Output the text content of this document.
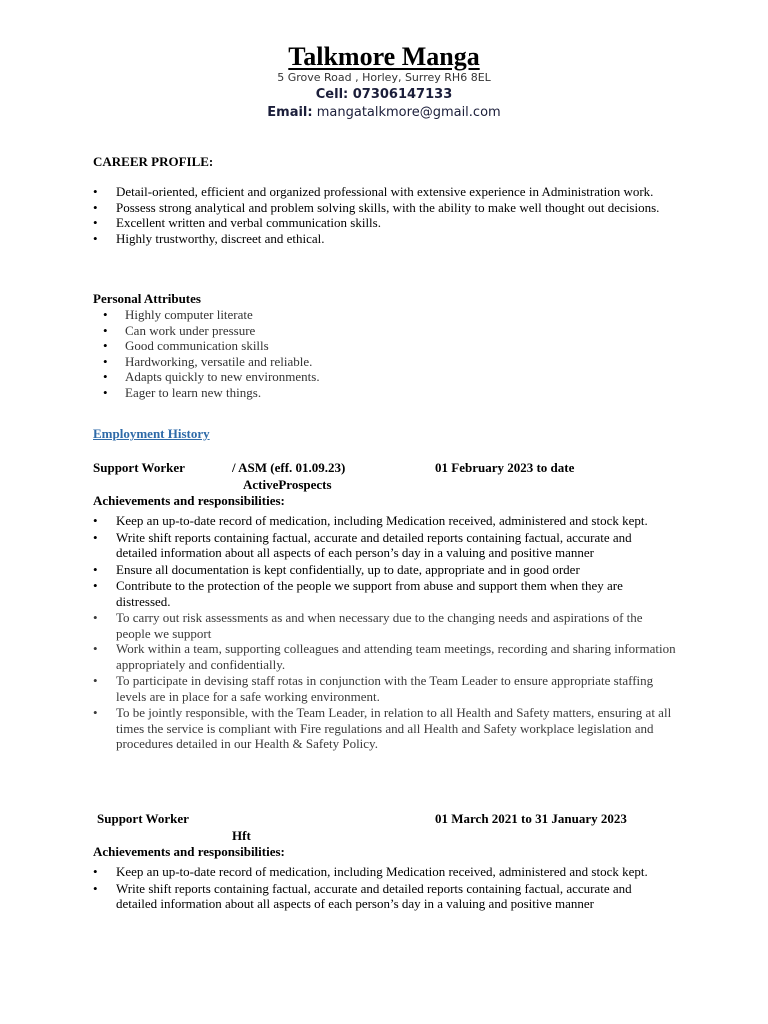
Talkmore Manga
5 Grove Road , Horley, Surrey RH6 8EL
Cell: 07306147133
Email: mangatalkmore@gmail.com
CAREER PROFILE:
• Detail-oriented, efficient and organized professional with extensive experience in Administration work.
• Possess strong analytical and problem solving skills, with the ability to make well thought out decisions.
• Excellent written and verbal communication skills.
• Highly trustworthy, discreet and ethical.
Personal Attributes
• Highly computer literate
• Can work under pressure
• Good communication skills
• Hardworking, versatile and reliable.
• Adapts quickly to new environments.
• Eager to learn new things.
Employment History
Support Worker	/ ASM (eff. 01.09.23)	01 February 2023 to date
ActiveProspects
Achievements and responsibilities:
• Keep an up-to-date record of medication, including Medication received, administered and stock kept.
• Write shift reports containing factual, accurate and detailed reports containing factual, accurate and detailed information about all aspects of each person’s day in a valuing and positive manner
• Ensure all documentation is kept confidentially, up to date, appropriate and in good order
• Contribute to the protection of the people we support from abuse and support them when they are distressed.
• To carry out risk assessments as and when necessary due to the changing needs and aspirations of the people we support
• Work within a team, supporting colleagues and attending team meetings, recording and sharing information appropriately and confidentially.
• To participate in devising staff rotas in conjunction with the Team Leader to ensure appropriate staffing levels are in place for a safe working environment.
• To be jointly responsible, with the Team Leader, in relation to all Health and Safety matters, ensuring at all times the service is compliant with Fire regulations and all Health and Safety workplace legislation and procedures detailed in our Health & Safety Policy.
Support Worker	01 March 2021 to 31 January 2023
Hft
Achievements and responsibilities:
• Keep an up-to-date record of medication, including Medication received, administered and stock kept.
• Write shift reports containing factual, accurate and detailed reports containing factual, accurate and detailed information about all aspects of each person’s day in a valuing and positive manner
